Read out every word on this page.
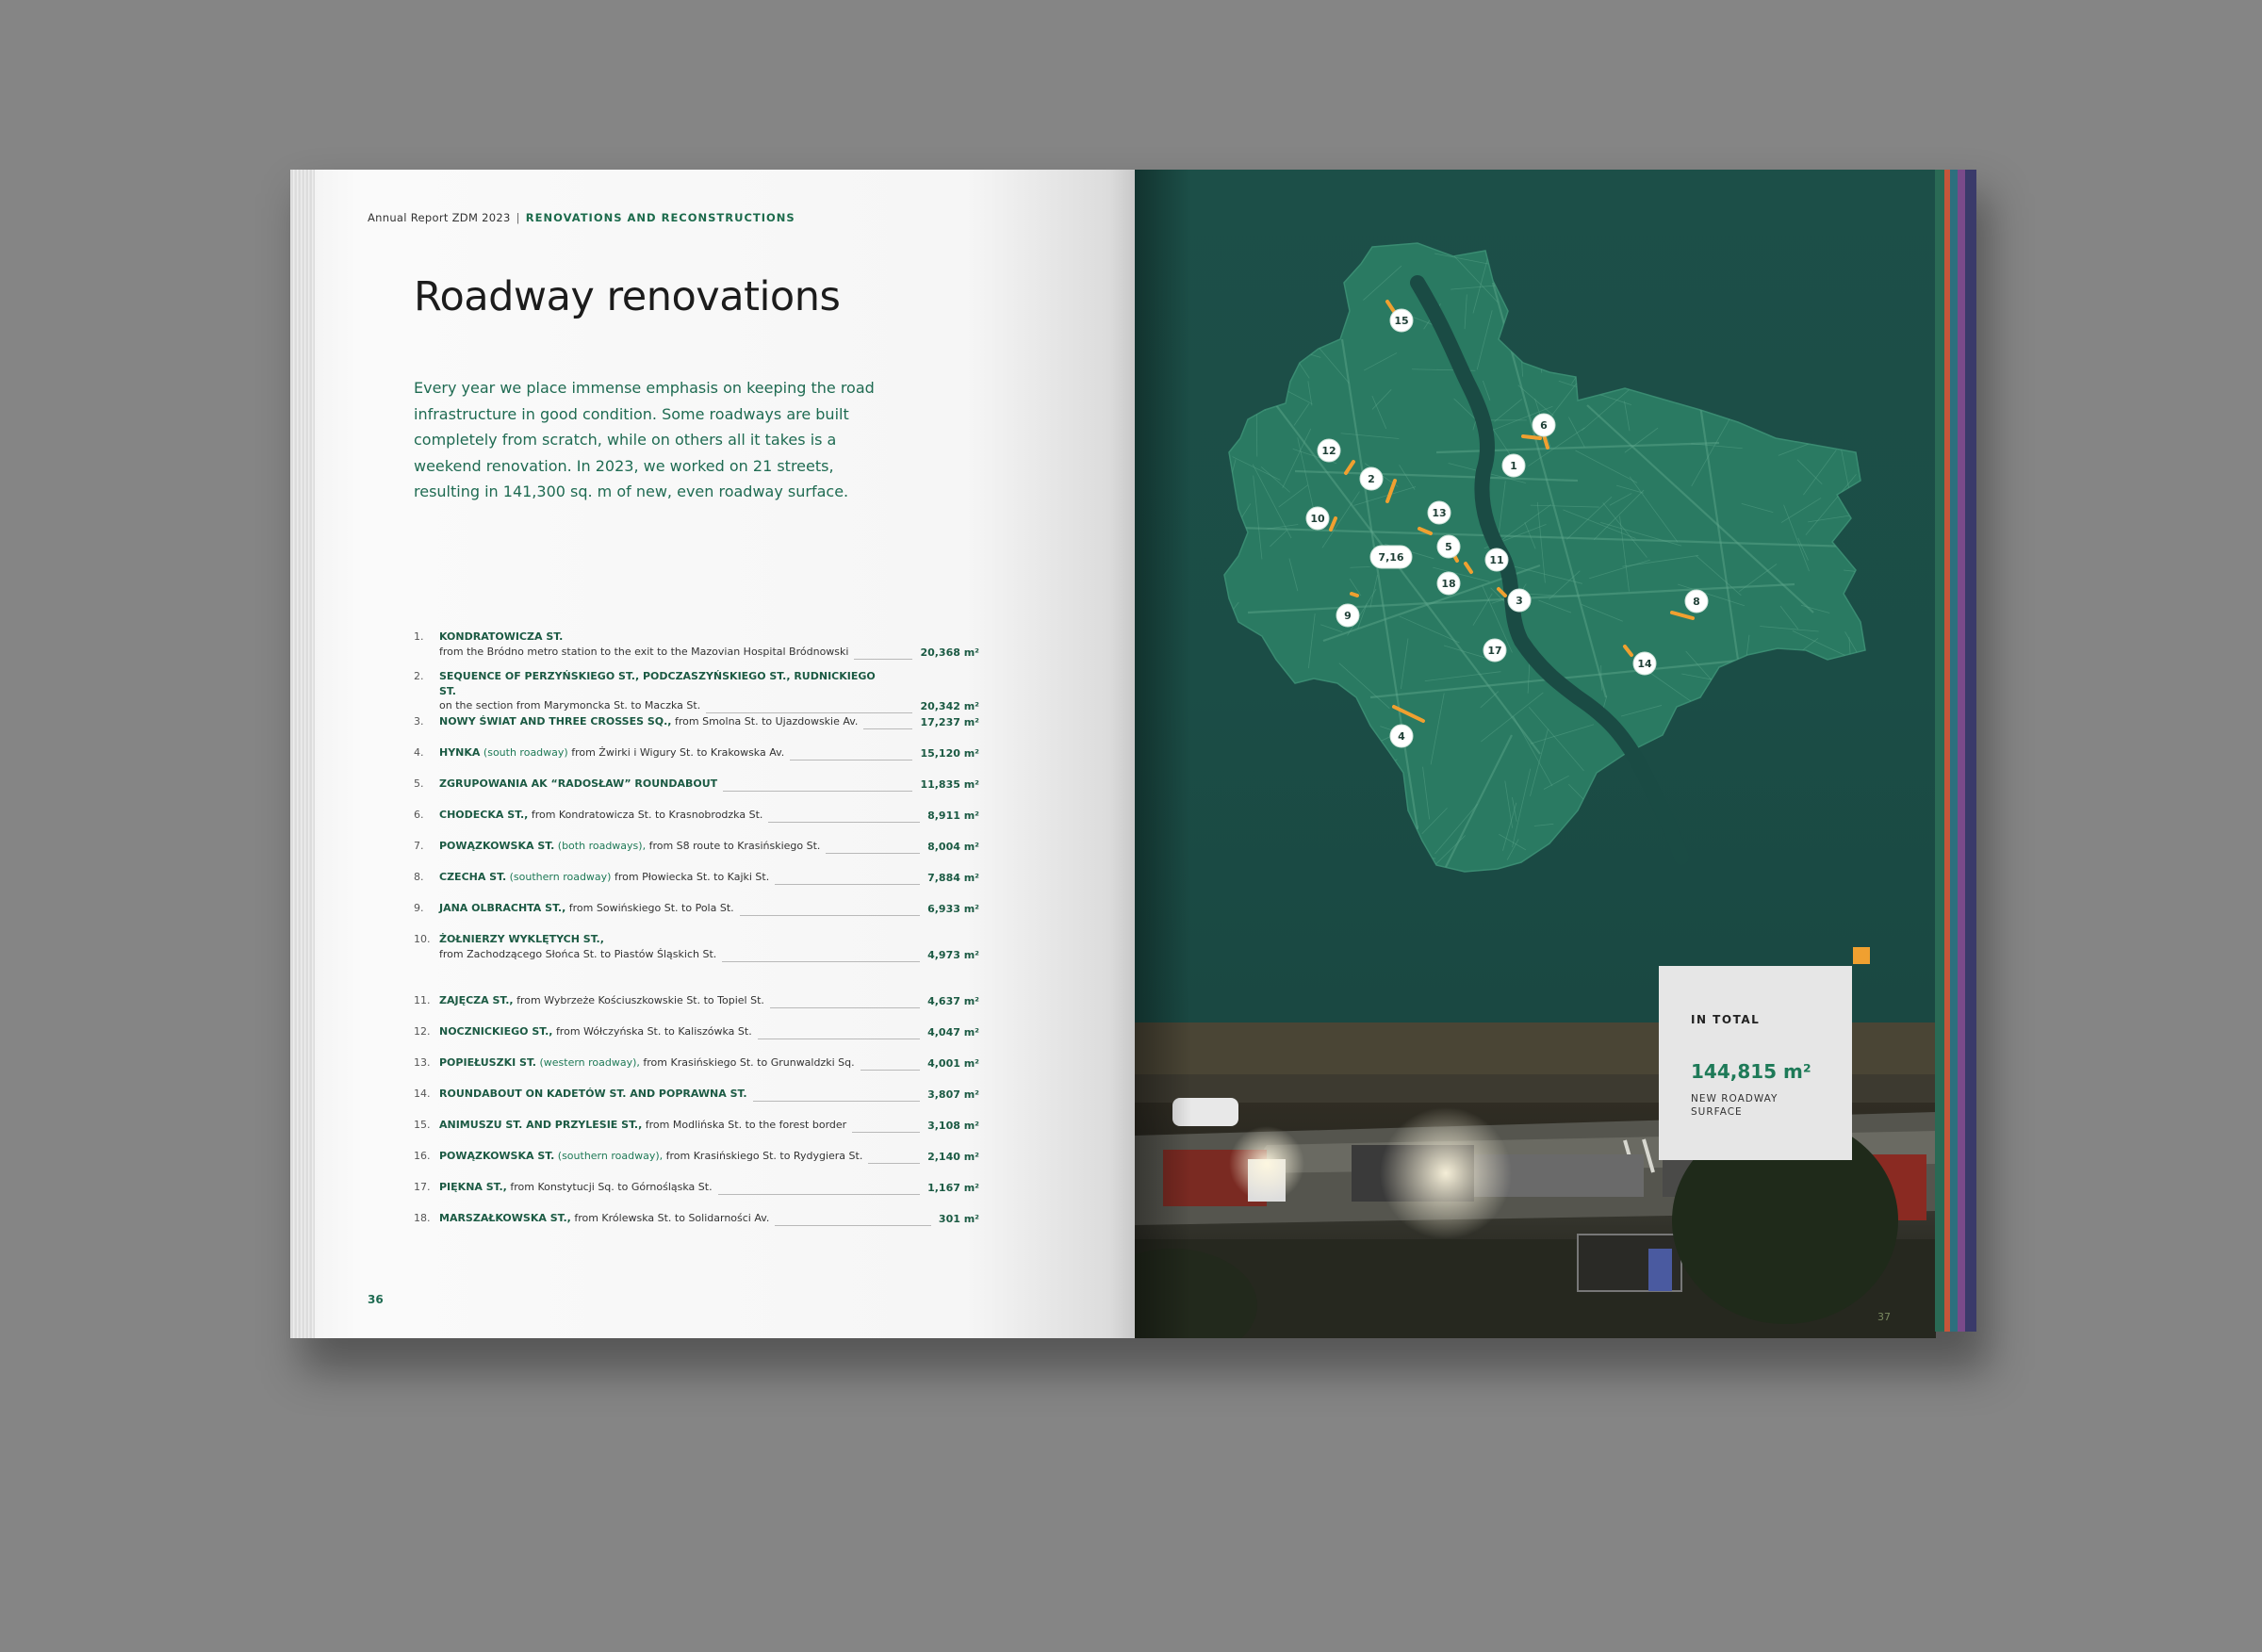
Annual Report ZDM 2023 | RENOVATIONS AND RECONSTRUCTIONS
Roadway renovations
Every year we place immense emphasis on keeping the road infrastructure in good condition. Some roadways are built completely from scratch, while on others all it takes is a weekend renovation. In 2023, we worked on 21 streets, resulting in 141,300 sq. m of new, even roadway surface.
1. KONDRATOWICZA ST.
from the Bródno metro station to the exit to the Mazovian Hospital Bródnowski	20,368 m²
2. SEQUENCE OF PERZYŃSKIEGO ST., PODCZASZYŃSKIEGO ST., RUDNICKIEGO ST.
on the section from Marymoncka St. to Maczka St.	20,342 m²
3. NOWY ŚWIAT AND THREE CROSSES SQ., from Smolna St. to Ujazdowskie Av.	17,237 m²
4. HYNKA (south roadway) from Żwirki i Wigury St. to Krakowska Av.	15,120 m²
5. ZGRUPOWANIA AK “RADOSŁAW” ROUNDABOUT	11,835 m²
6. CHODECKA ST., from Kondratowicza St. to Krasnobrodzka St.	8,911 m²
7. POWĄZKOWSKA ST. (both roadways), from S8 route to Krasińskiego St.	8,004 m²
8. CZECHA ST. (southern roadway) from Płowiecka St. to Kajki St.	7,884 m²
9. JANA OLBRACHTA ST., from Sowińskiego St. to Pola St.	6,933 m²
10. ŻOŁNIERZY WYKLĘTYCH ST.,
from Zachodzącego Słońca St. to Piastów Śląskich St.	4,973 m²
11. ZAJĘCZA ST., from Wybrzeże Kościuszkowskie St. to Topiel St.	4,637 m²
12. NOCZNICKIEGO ST., from Wółczyńska St. to Kaliszówka St.	4,047 m²
13. POPIEŁUSZKI ST. (western roadway), from Krasińskiego St. to Grunwaldzki Sq.	4,001 m²
14. ROUNDABOUT ON KADETÓW ST. AND POPRAWNA ST.	3,807 m²
15. ANIMUSZU ST. AND PRZYLESIE ST., from Modlińska St. to the forest border	3,108 m²
16. POWĄZKOWSKA ST. (southern roadway), from Krasińskiego St. to Rydygiera St.	2,140 m²
17. PIĘKNA ST., from Konstytucji Sq. to Górnośląska St.	1,167 m²
18. MARSZAŁKOWSKA ST., from Królewska St. to Solidarności Av.	301 m²
36
15
6
12
1
2
13
10
5
7,16	11
18
3	8
9
17
14
4
37
IN TOTAL
144,815 m²
NEW ROADWAY SURFACE
